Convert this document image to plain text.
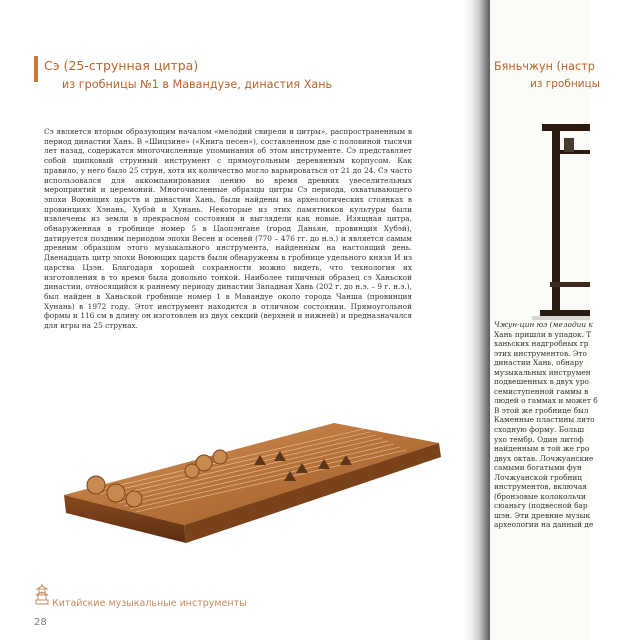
Сэ (25-струнная цитра)
из гробницы №1 в Мавандуэе, династия Хань

Сэ является вторым образующим началом «мелодий свирели и цитры», распространенным в период династии Хань. В «Шицзине» («Книга песен»), составленном две с половиной тысячи лет назад, содержатся многочисленные упоминания об этом инструменте. Сэ представляет собой щипковый струнный инструмент с прямоугольным деревянным корпусом. Как правило, у него было 25 струн, хотя их количество могло варьироваться от 21 до 24. Сэ часто использовался для аккомпанирования пению во время древних увеселительных мероприятий и церемоний. Многочисленные образцы цитры Сэ периода, охватывающего эпохи Воюющих царств и династии Хань, были найдены на археологических стоянках в провинциях Хэнань, Хубэй и Хунань. Некоторые из этих памятников культуры были извлечены из земли в прекрасном состоянии и выглядели как новые. Изящная цитра, обнаруженная в гробнице номер 5 в Цаопэнгане (город Даньян, провинция Хубэй), датируется поздним периодом эпохи Весен и осеней (770 – 476 гг. до н.э.) и является самым древним образцом этого музыкального инструмента, найденным на настоящий день. Двенадцать цитр эпохи Воюющих царств были обнаружены в гробнице удельного князя И из царства Цзэн. Благодаря хорошей сохранности можно видеть, что технология их изготовления в то время была довольно тонкой. Наиболее типичный образец сэ Ханьской династии, относящийся к раннему периоду династии Западная Хань (202 г. до н.э. – 9 г. н.э.), был найден в Ханьской гробнице номер 1 в Мавандуе около города Чанша (провинция Хунань) в 1972 году. Этот инструмент находится в отличном состоянии. Прямоугольной формы и 116 см в длину он изготовлен из двух секций (верхней и нижней) и предназначался для игры на 25 струнах.

Китайские музыкальные инструменты
28
Бяньчжун (настр
из гробницы
Чжун-цин юэ (мелодии к
Хань пришли в упадок. Т
ханьских надгробных гр
этих инструментов. Это
династии Хань, обнару
музыкальных инструмен
подвешенных в двух уро
семиступенной гаммы в
людей о гаммах и может б
В этой же гробнице был
Каменные пластины лито
сходную форму. Больш
ухо тембр. Один литоф
найденным в той же гро
двух октав. Лочжуанские
самыми богатыми фун
Лочжуанской гробниц
инструментов, включая
(бронзовые колокольчи
сюаньгу (подвесной бар
шэн. Эти древние музык
археологии на данный де
